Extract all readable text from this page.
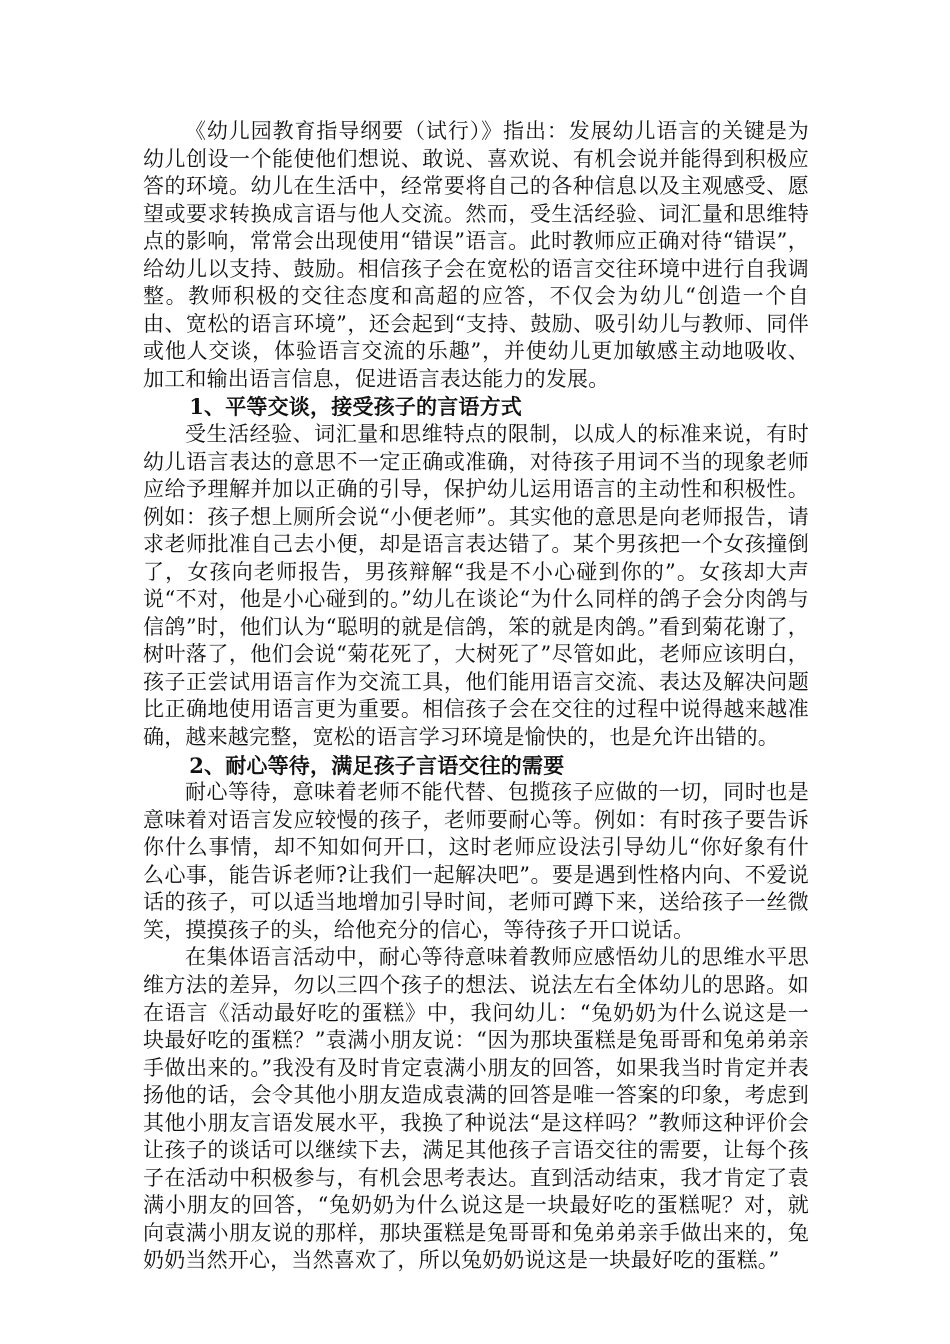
《幼儿园教育指导纲要（试行）》指出：发展幼儿语言的关键是为幼儿创设一个能使他们想说、敢说、喜欢说、有机会说并能得到积极应答的环境。幼儿在生活中，经常要将自己的各种信息以及主观感受、愿望或要求转换成言语与他人交流。然而，受生活经验、词汇量和思维特点的影响，常常会出现使用“错误”语言。此时教师应正确对待“错误”，给幼儿以支持、鼓励。相信孩子会在宽松的语言交往环境中进行自我调整。教师积极的交往态度和高超的应答，不仅会为幼儿“创造一个自由、宽松的语言环境”，还会起到“支持、鼓励、吸引幼儿与教师、同伴或他人交谈，体验语言交流的乐趣”，并使幼儿更加敏感主动地吸收、加工和输出语言信息，促进语言表达能力的发展。

1、平等交谈，接受孩子的言语方式

受生活经验、词汇量和思维特点的限制，以成人的标准来说，有时幼儿语言表达的意思不一定正确或准确，对待孩子用词不当的现象老师应给予理解并加以正确的引导，保护幼儿运用语言的主动性和积极性。例如：孩子想上厕所会说“小便老师”。其实他的意思是向老师报告，请求老师批准自己去小便，却是语言表达错了。某个男孩把一个女孩撞倒了，女孩向老师报告，男孩辩解“我是不小心碰到你的”。女孩却大声说“不对，他是小心碰到的。”幼儿在谈论“为什么同样的鸽子会分肉鸽与信鸽”时，他们认为“聪明的就是信鸽，笨的就是肉鸽。”看到菊花谢了，树叶落了，他们会说“菊花死了，大树死了”尽管如此，老师应该明白，孩子正尝试用语言作为交流工具，他们能用语言交流、表达及解决问题比正确地使用语言更为重要。相信孩子会在交往的过程中说得越来越准确，越来越完整，宽松的语言学习环境是愉快的，也是允许出错的。

2、耐心等待，满足孩子言语交往的需要

耐心等待，意味着老师不能代替、包揽孩子应做的一切，同时也是意味着对语言发应较慢的孩子，老师要耐心等。例如：有时孩子要告诉你什么事情，却不知如何开口，这时老师应设法引导幼儿“你好象有什么心事，能告诉老师?让我们一起解决吧”。要是遇到性格内向、不爱说话的孩子，可以适当地增加引导时间，老师可蹲下来，送给孩子一丝微笑，摸摸孩子的头，给他充分的信心，等待孩子开口说话。

在集体语言活动中，耐心等待意味着教师应感悟幼儿的思维水平思维方法的差异，勿以三四个孩子的想法、说法左右全体幼儿的思路。如在语言《活动最好吃的蛋糕》中，我问幼儿：“兔奶奶为什么说这是一块最好吃的蛋糕？”袁满小朋友说：“因为那块蛋糕是兔哥哥和兔弟弟亲手做出来的。”我没有及时肯定袁满小朋友的回答，如果我当时肯定并表扬他的话，会令其他小朋友造成袁满的回答是唯一答案的印象，考虑到其他小朋友言语发展水平，我换了种说法“是这样吗？”教师这种评价会让孩子的谈话可以继续下去，满足其他孩子言语交往的需要，让每个孩子在活动中积极参与，有机会思考表达。直到活动结束，我才肯定了袁满小朋友的回答，“兔奶奶为什么说这是一块最好吃的蛋糕呢？对，就向袁满小朋友说的那样，那块蛋糕是兔哥哥和兔弟弟亲手做出来的，兔奶奶当然开心，当然喜欢了，所以兔奶奶说这是一块最好吃的蛋糕。”
